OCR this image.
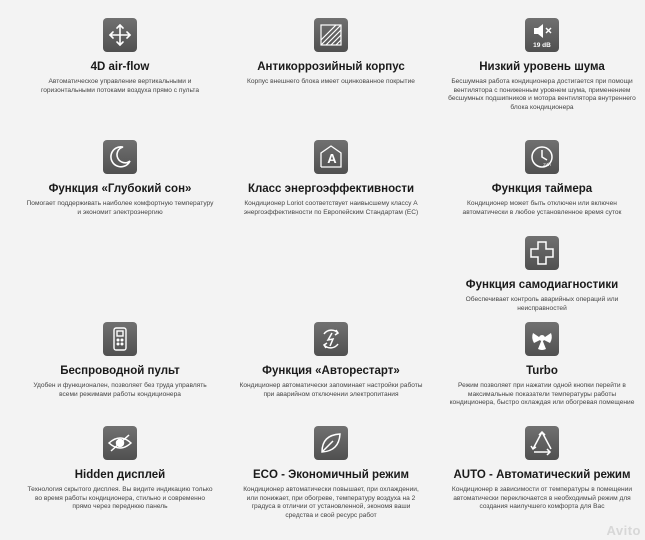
4D air-flow
Автоматическое управление вертикальными и горизонтальными потоками воздуха прямо с пульта
Антикоррозийный корпус
Корпус внешнего блока имеет оцинкованное покрытие
19 dB
Низкий уровень шума
Бесшумная работа кондиционера достигается при помощи вентилятора с пониженным уровнем шума, применением бесшумных подшипников и мотора вентилятора внутреннего блока кондиционера
Функция «Глубокий сон»
Помогает поддерживать наиболее комфортную температуру и экономит электроэнергию
A
Класс энергоэффективности
Кондиционер Loriot соответствует наивысшему классу А энергоэффективности по Европейским Стандартам (ЕС)
24h
Функция таймера
Кондиционер может быть отключен или включен автоматически в любое установленное время суток
Функция самодиагностики
Обеспечивает контроль аварийных операций или неисправностей
Беспроводной пульт
Удобен и функционален, позволяет без труда управлять всеми режимами работы кондиционера
Функция «Авторестарт»
Кондиционер автоматически запоминает настройки работы при аварийном отключении электропитания
Turbo
Режим позволяет при нажатии одной кнопки перейти в максимальные показатели температуры работы кондиционера, быстро охлаждая или обогревая помещение
Hidden дисплей
Технология скрытого дисплея. Вы видите индикацию только во время работы кондиционера, стильно и современно прямо через переднюю панель
ECO - Экономичный режим
Кондиционер автоматически повышает, при охлаждении, или понижает, при обогреве, температуру воздуха на 2 градуса в отличии от установленной, экономя ваши средства и свой ресурс работ
AUTO - Автоматический режим
Кондиционер в зависимости от температуры в помещении автоматически переключается в необходимый режим для создания наилучшего комфорта для Вас
Avito
